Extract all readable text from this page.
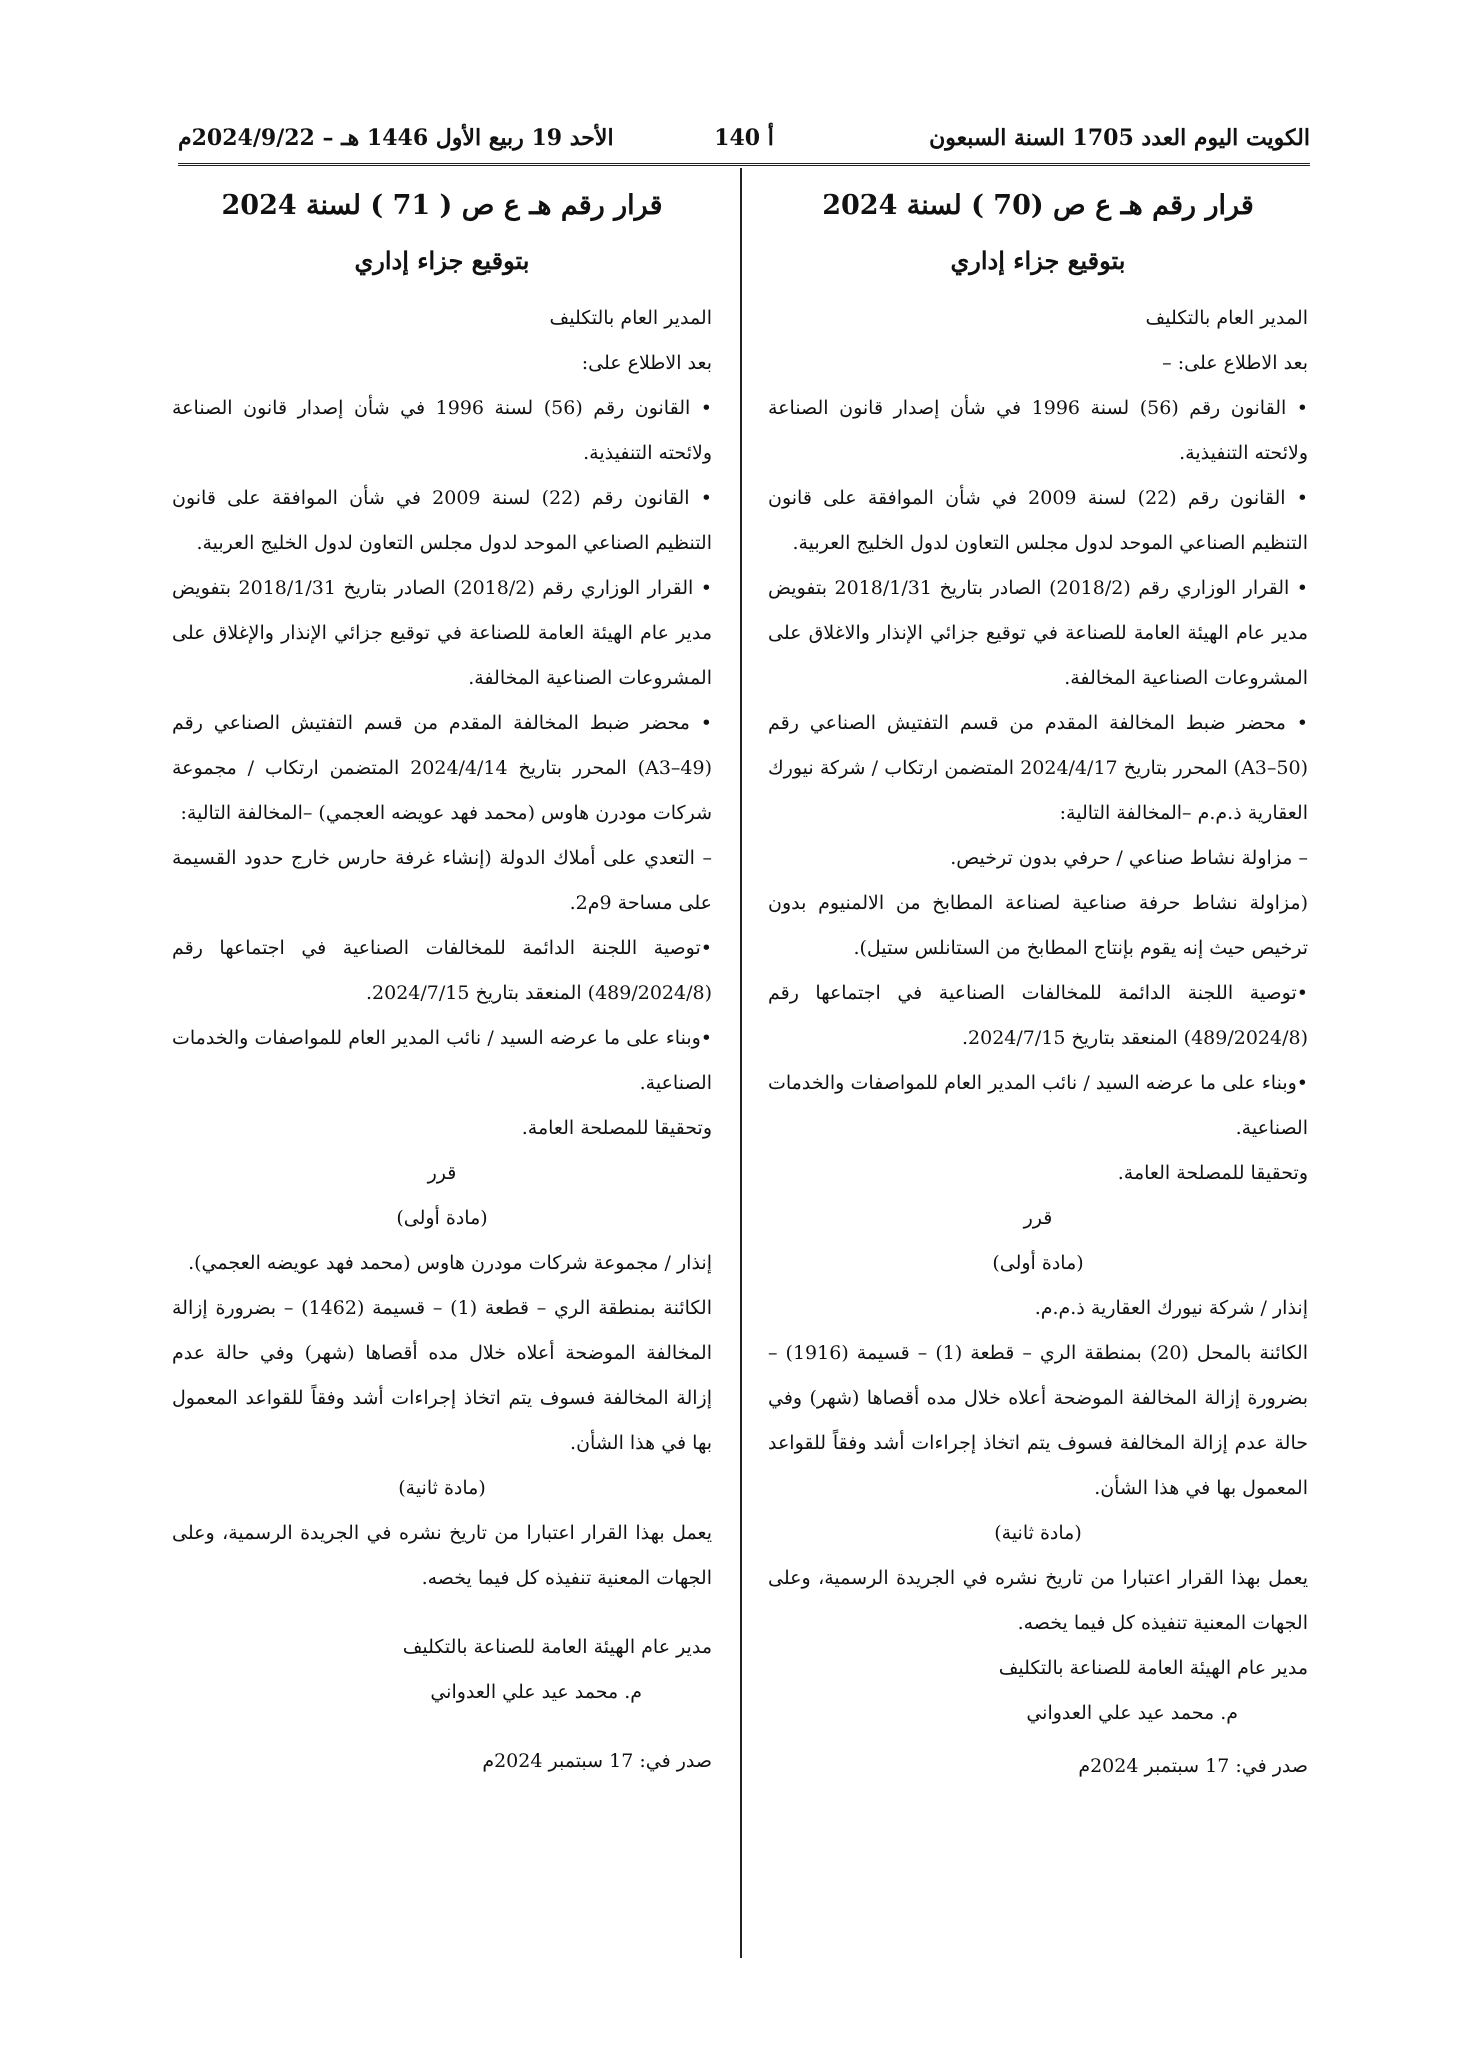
الكويت اليوم العدد 1705 السنة السبعون
أ 140
الأحد 19 ربيع الأول 1446 هـ – 2024/9/22م

قرار رقم هـ ع ص (70 ) لسنة 2024

بتوقيع جزاء إداري

المدير العام بالتكليف

بعد الاطلاع على: –

• القانون رقم (56) لسنة 1996 في شأن إصدار قانون الصناعة ولائحته التنفيذية.

• القانون رقم (22) لسنة 2009 في شأن الموافقة على قانون التنظيم الصناعي الموحد لدول مجلس التعاون لدول الخليج العربية.

• القرار الوزاري رقم (2018/2) الصادر بتاريخ 2018/1/31 بتفويض مدير عام الهيئة العامة للصناعة في توقيع جزائي الإنذار والاغلاق على المشروعات الصناعية المخالفة.

• محضر ضبط المخالفة المقدم من قسم التفتيش الصناعي رقم (A3–50) المحرر بتاريخ 2024/4/17 المتضمن ارتكاب / شركة نيورك العقارية ذ.م.م –المخالفة التالية:

– مزاولة نشاط صناعي / حرفي بدون ترخيص.

(مزاولة نشاط حرفة صناعية لصناعة المطابخ من الالمنيوم بدون ترخيص حيث إنه يقوم بإنتاج المطابخ من الستانلس ستيل).

•توصية اللجنة الدائمة للمخالفات الصناعية في اجتماعها رقم (489/2024/8) المنعقد بتاريخ 2024/7/15.

•وبناء على ما عرضه السيد / نائب المدير العام للمواصفات والخدمات الصناعية.

وتحقيقا للمصلحة العامة.

قرر

(مادة أولى)

إنذار / شركة نيورك العقارية ذ.م.م.

الكائنة بالمحل (20) بمنطقة الري – قطعة (1) – قسيمة (1916) – بضرورة إزالة المخالفة الموضحة أعلاه خلال مده أقصاها (شهر) وفي حالة عدم إزالة المخالفة فسوف يتم اتخاذ إجراءات أشد وفقاً للقواعد المعمول بها في هذا الشأن.

(مادة ثانية)

يعمل بهذا القرار اعتبارا من تاريخ نشره في الجريدة الرسمية، وعلى الجهات المعنية تنفيذه كل فيما يخصه.

مدير عام الهيئة العامة للصناعة بالتكليف

م. محمد عيد علي العدواني

صدر في: 17 سبتمبر 2024م

قرار رقم هـ ع ص ( 71 ) لسنة 2024

بتوقيع جزاء إداري

المدير العام بالتكليف

بعد الاطلاع على:

• القانون رقم (56) لسنة 1996 في شأن إصدار قانون الصناعة ولائحته التنفيذية.

• القانون رقم (22) لسنة 2009 في شأن الموافقة على قانون التنظيم الصناعي الموحد لدول مجلس التعاون لدول الخليج العربية.

• القرار الوزاري رقم (2018/2) الصادر بتاريخ 2018/1/31 بتفويض مدير عام الهيئة العامة للصناعة في توقيع جزائي الإنذار والإغلاق على المشروعات الصناعية المخالفة.

• محضر ضبط المخالفة المقدم من قسم التفتيش الصناعي رقم (A3–49) المحرر بتاريخ 2024/4/14 المتضمن ارتكاب / مجموعة شركات مودرن هاوس (محمد فهد عويضه العجمي) –المخالفة التالية:

– التعدي على أملاك الدولة (إنشاء غرفة حارس خارج حدود القسيمة على مساحة 9م2.

•توصية اللجنة الدائمة للمخالفات الصناعية في اجتماعها رقم (489/2024/8) المنعقد بتاريخ 2024/7/15.

•وبناء على ما عرضه السيد / نائب المدير العام للمواصفات والخدمات الصناعية.

وتحقيقا للمصلحة العامة.

قرر

(مادة أولى)

إنذار / مجموعة شركات مودرن هاوس (محمد فهد عويضه العجمي).

الكائنة بمنطقة الري – قطعة (1) – قسيمة (1462) – بضرورة إزالة المخالفة الموضحة أعلاه خلال مده أقصاها (شهر) وفي حالة عدم إزالة المخالفة فسوف يتم اتخاذ إجراءات أشد وفقاً للقواعد المعمول بها في هذا الشأن.

(مادة ثانية)

يعمل بهذا القرار اعتبارا من تاريخ نشره في الجريدة الرسمية، وعلى الجهات المعنية تنفيذه كل فيما يخصه.

مدير عام الهيئة العامة للصناعة بالتكليف

م. محمد عيد علي العدواني

صدر في: 17 سبتمبر 2024م
